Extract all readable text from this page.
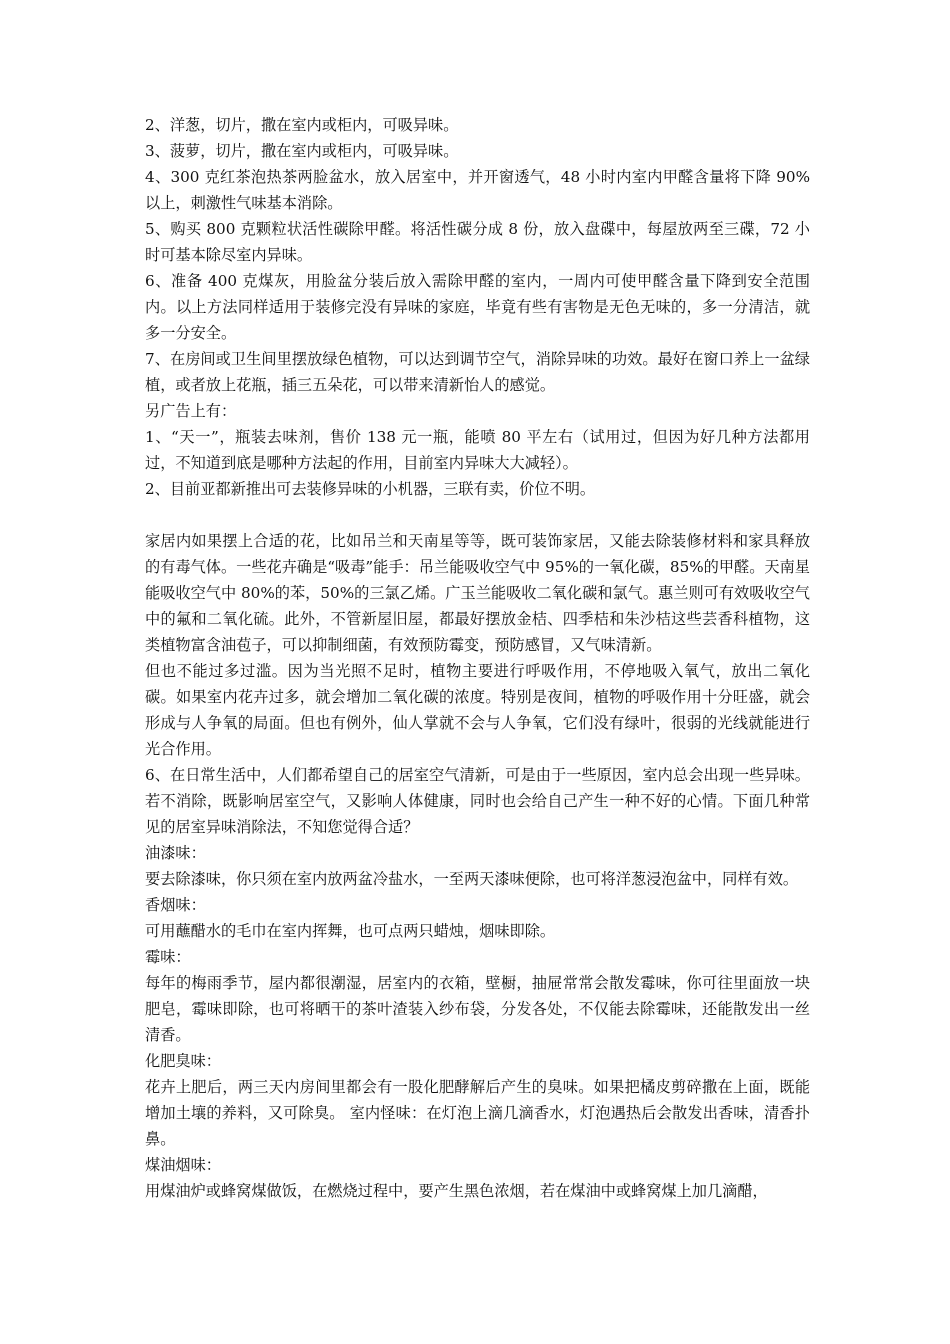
2、洋葱，切片，撒在室内或柜内，可吸异味。

3、菠萝，切片，撒在室内或柜内，可吸异味。

4、300 克红茶泡热茶两脸盆水，放入居室中，并开窗透气，48 小时内室内甲醛含量将下降 90%以上，刺激性气味基本消除。

5、购买 800 克颗粒状活性碳除甲醛。将活性碳分成 8 份，放入盘碟中，每屋放两至三碟，72 小时可基本除尽室内异味。

6、准备 400 克煤灰，用脸盆分装后放入需除甲醛的室内，一周内可使甲醛含量下降到安全范围内。以上方法同样适用于装修完没有异味的家庭，毕竟有些有害物是无色无味的，多一分清洁，就多一分安全。

7、在房间或卫生间里摆放绿色植物，可以达到调节空气，消除异味的功效。最好在窗口养上一盆绿植，或者放上花瓶，插三五朵花，可以带来清新怡人的感觉。

另广告上有：

1、“天一”，瓶装去味剂，售价 138 元一瓶，能喷 80 平左右（试用过，但因为好几种方法都用过，不知道到底是哪种方法起的作用，目前室内异味大大减轻）。

2、目前亚都新推出可去装修异味的小机器，三联有卖，价位不明。

家居内如果摆上合适的花，比如吊兰和天南星等等，既可装饰家居，又能去除装修材料和家具释放的有毒气体。一些花卉确是“吸毒”能手：吊兰能吸收空气中 95%的一氧化碳，85%的甲醛。天南星能吸收空气中 80%的苯，50%的三氯乙烯。广玉兰能吸收二氧化碳和氯气。惠兰则可有效吸收空气中的氟和二氧化硫。此外，不管新屋旧屋，都最好摆放金桔、四季桔和朱沙桔这些芸香科植物，这类植物富含油苞子，可以抑制细菌，有效预防霉变，预防感冒，又气味清新。

但也不能过多过滥。因为当光照不足时，植物主要进行呼吸作用，不停地吸入氧气，放出二氧化碳。如果室内花卉过多，就会增加二氧化碳的浓度。特别是夜间，植物的呼吸作用十分旺盛，就会形成与人争氧的局面。但也有例外，仙人掌就不会与人争氧，它们没有绿叶，很弱的光线就能进行光合作用。

6、在日常生活中，人们都希望自己的居室空气清新，可是由于一些原因，室内总会出现一些异味。若不消除，既影响居室空气，又影响人体健康，同时也会给自己产生一种不好的心情。下面几种常见的居室异味消除法，不知您觉得合适？

油漆味：

要去除漆味，你只须在室内放两盆冷盐水，一至两天漆味便除，也可将洋葱浸泡盆中，同样有效。

香烟味：

可用蘸醋水的毛巾在室内挥舞，也可点两只蜡烛，烟味即除。

霉味：

每年的梅雨季节，屋内都很潮湿，居室内的衣箱，壁橱，抽屉常常会散发霉味，你可往里面放一块肥皂，霉味即除，也可将晒干的茶叶渣装入纱布袋，分发各处，不仅能去除霉味，还能散发出一丝清香。

化肥臭味：

花卉上肥后，两三天内房间里都会有一股化肥酵解后产生的臭味。如果把橘皮剪碎撒在上面，既能增加土壤的养料，又可除臭。 室内怪味：在灯泡上滴几滴香水，灯泡遇热后会散发出香味，清香扑鼻。

煤油烟味：

用煤油炉或蜂窝煤做饭，在燃烧过程中，要产生黑色浓烟，若在煤油中或蜂窝煤上加几滴醋，
